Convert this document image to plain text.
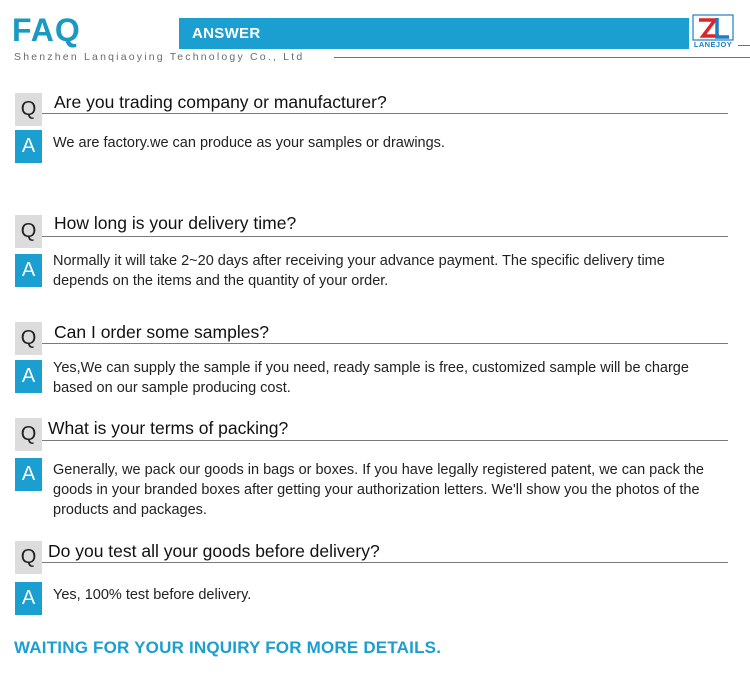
FAQ
Shenzhen Lanqiaoying Technology Co., Ltd
ANSWER
LANEJOY
Q	Are you trading company or manufacturer?
A	We are factory.we can produce as your samples or drawings.

Q	How long is your delivery time?
A	Normally it will take 2~20 days after receiving your advance payment. The specific delivery time depends on the items and the quantity of your order.

Q	Can I order some samples?
A	Yes,We can supply the sample if you need, ready sample is free, customized sample will be charge based on our sample producing cost.

Q What is your terms of packing?
A	Generally, we pack our goods in bags or boxes. If you have legally registered patent, we can pack the goods in your branded boxes after getting your authorization letters. We'll show you the photos of the products and packages.

Q Do you test all your goods before delivery?
A	Yes, 100% test before delivery.

WAITING FOR YOUR INQUIRY FOR MORE DETAILS.
